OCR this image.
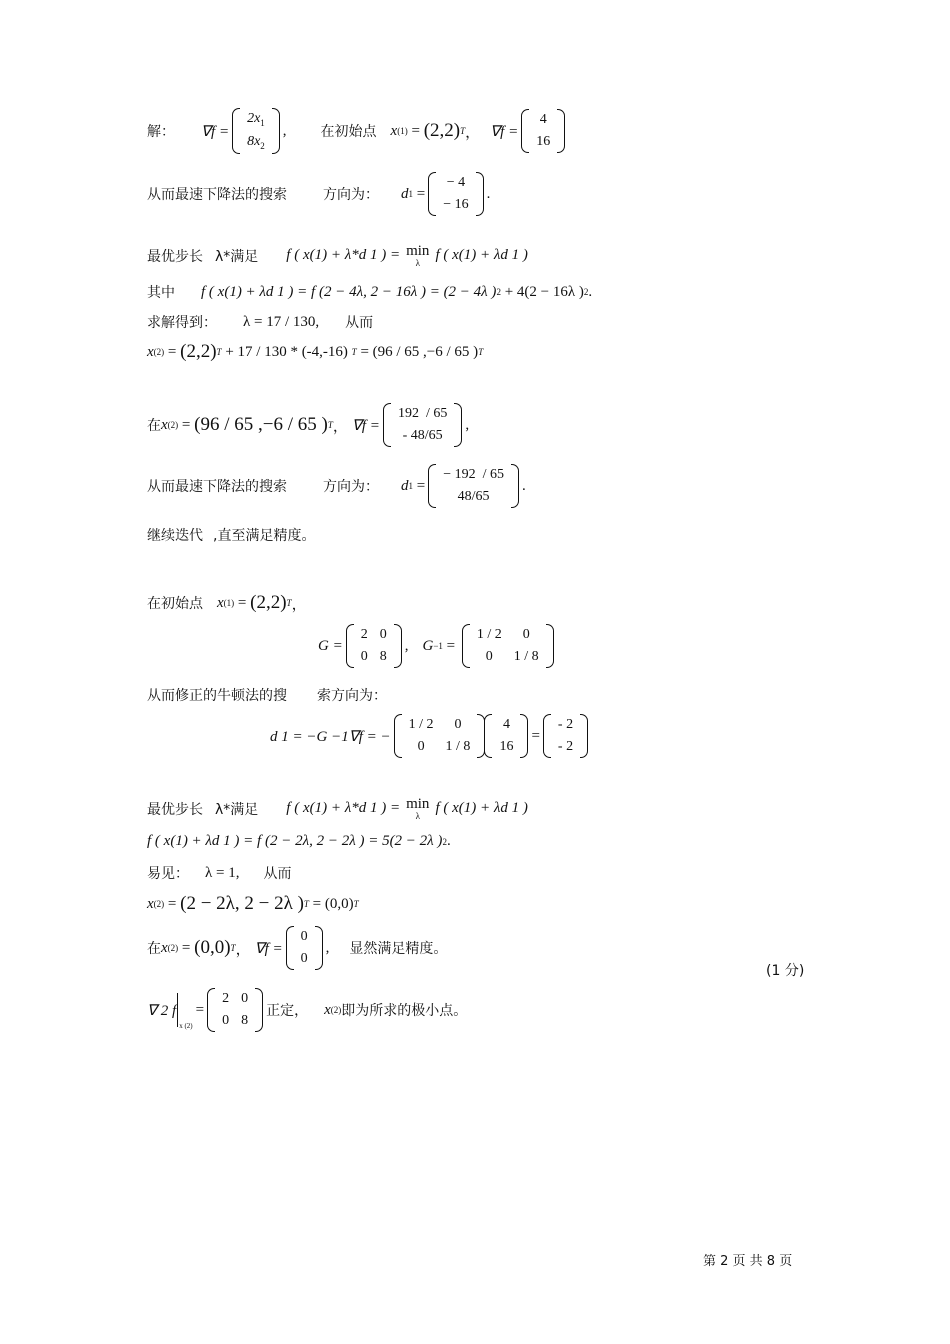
解： ∇f =
$2x_1$
$8x_2$
, 在初始点 x (1) = (2,2) T ， ∇f =
4
16
从而最速下降法的搜索	方向为： d 1
=
− 4
− 16
.
最优步长 λ*满足 f ( x(1) + λ*d 1 ) = min
λ f ( x(1) + λd 1 )
其中 f ( x(1) + λd 1 ) = f (2 − 4λ, 2 − 16λ ) = (2 − 4λ ) 2 + 4(2 − 16λ ) 2 .
求解得到： λ = 17 / 130, 从而
x (2) = (2,2) T + 17 / 130 * (-4,-16) T = (96 / 65 ,−6 / 65 ) T
在 x (2) = (96 / 65 ,−6 / 65 ) T ， ∇f =
192  / 65
- 48/65
,
从而最速下降法的搜索	方向为： d 1
=
− 192  / 65
48/65
.
继续迭代 ,直至满足精度。
在初始点 x (1) = (2,2) T ，
G =
2	0
0	8
, G −1 =
1 / 2	0
0	1 / 8
从而修正的牛顿法的搜 索方向为：
d 1 = −G −1∇f = −
1 / 2	0
0	1 / 8
4
16
=
- 2
- 2
最优步长 λ*满足 f ( x(1) + λ*d 1 ) = min
λ f ( x(1) + λd 1 )
f ( x(1) + λd 1 ) = f (2 − 2λ, 2 − 2λ ) = 5(2 − 2λ ) 2 .
易见： λ = 1, 从而
x (2) = (2 − 2λ, 2 − 2λ ) T = (0,0) T
在 x (2) = (0,0) T ， ∇f =
0
0
, 显然满足精度。
(1 分)
∇ 2 f
x (2)
=
2	0
0	8
正定， x (2) 即为所求的极小点。
第 2 页 共 8 页
